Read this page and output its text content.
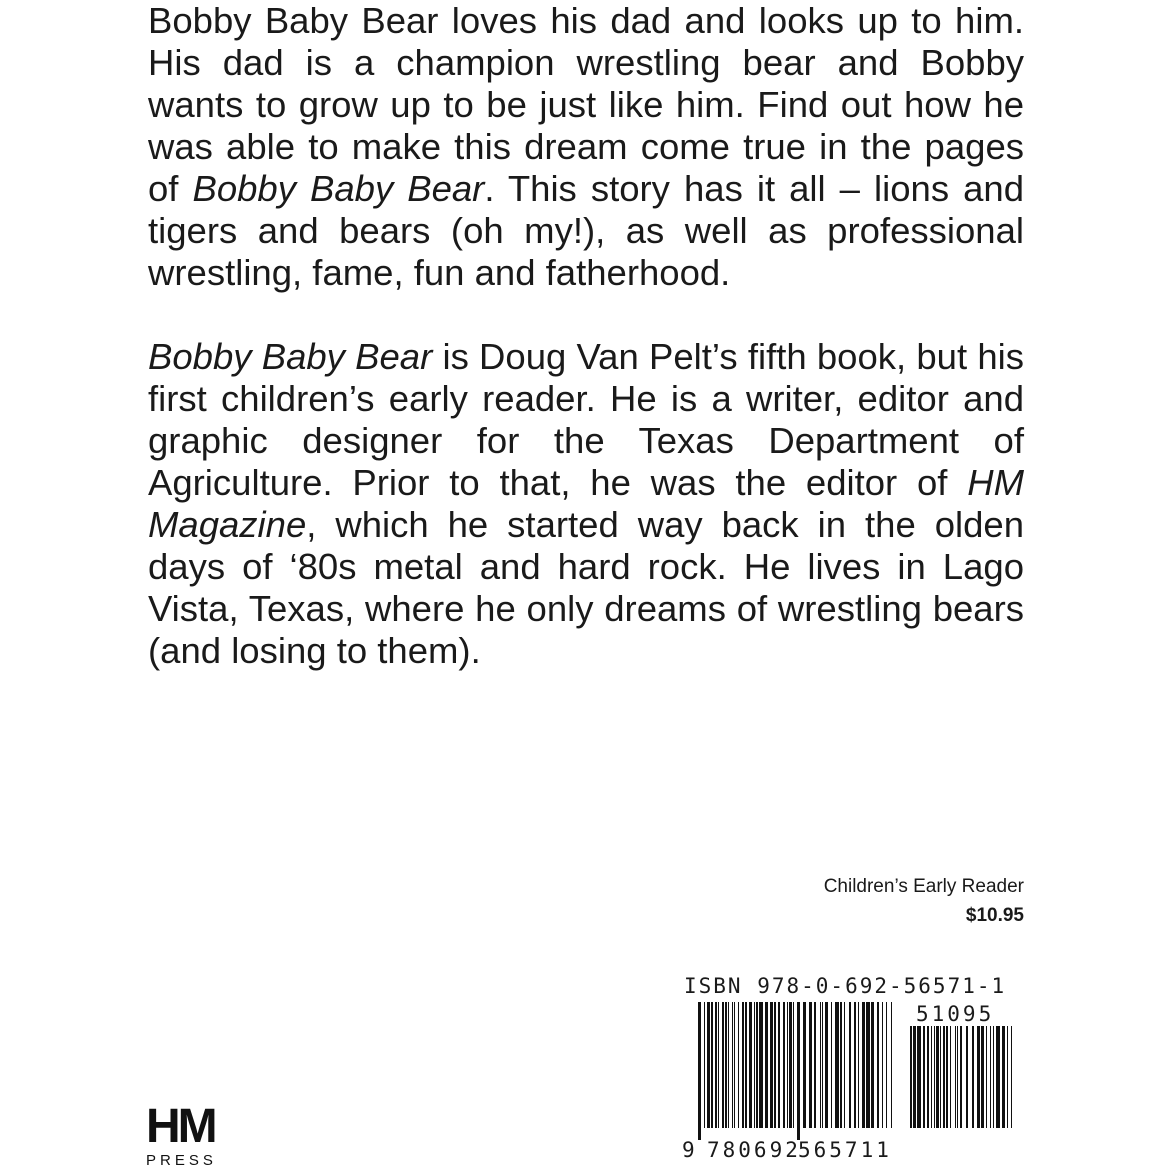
Bobby Baby Bear loves his dad and looks up to him. His dad is a champion wrestling bear and Bobby wants to grow up to be just like him. Find out how he was able to make this dream come true in the pages of Bobby Baby Bear. This story has it all – lions and tigers and bears (oh my!), as well as professional wrestling, fame, fun and fatherhood.

Bobby Baby Bear is Doug Van Pelt’s fifth book, but his first children’s early reader. He is a writer, editor and graphic designer for the Texas Department of Agriculture. Prior to that, he was the editor of HM Magazine, which he started way back in the olden days of ‘80s metal and hard rock. He lives in Lago Vista, Texas, where he only dreams of wrestling bears (and losing to them).

Children’s Early Reader
$10.95
ISBN 978-0-692-56571-1
51095
9 780692
565711
HM
PRESS
